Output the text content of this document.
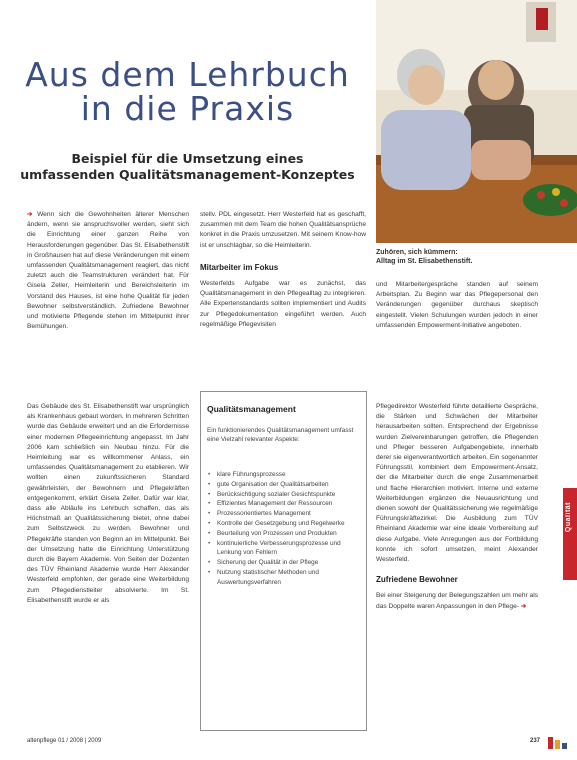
Aus dem Lehrbuch
in die Praxis
Beispiel für die Umsetzung eines
umfassenden Qualitätsmanagement-Konzeptes
Zuhören, sich kümmern:
Alltag im St. Elisabethenstift.

➔ Wenn sich die Gewohnheiten älterer Menschen ändern, wenn sie anspruchsvoller werden, sieht sich die Einrichtung einer ganzen Reihe von Herausforderungen gegenüber. Das St. Elisabethenstift in Großhausen hat auf diese Veränderungen mit einem umfassenden Qualitätsmanagement reagiert, das nicht zuletzt auch die Teamstrukturen verändert hat. Für Gisela Zeller, Heimleiterin und Bereichsleiterin im Vorstand des Hauses, ist eine hohe Qualität für jeden Bewohner selbstverständlich. Zufriedene Bewohner und motivierte Pflegende stehen im Mittelpunkt ihrer Bemühungen.

Das Gebäude des St. Elisabethenstift war ursprünglich als Krankenhaus gebaut worden. In mehreren Schritten wurde das Gebäude erweitert und an die Erfordernisse einer modernen Pflegeeinrichtung angepasst. Im Jahr 2006 kam schließlich ein Neubau hinzu. Für die Heimleitung war es willkommener Anlass, ein umfassendes Qualitätsmanagement zu etablieren. Wir wollten einen zukunftssicheren Standard gewährleisten, der Bewohnern und Pflegekräften entgegenkommt, erklärt Gisela Zeller. Dafür war klar, dass alle Abläufe ins Lehrbuch schaffen, das als Höchstmaß an Qualitätssicherung bietet, ohne dabei zum Selbstzweck zu werden. Bewohner und Pflegekräfte standen von Beginn an im Mittelpunkt. Bei der Umsetzung hatte die Einrichtung Unterstützung durch die Bayern Akademie. Von Seiten der Dozenten des TÜV Rheinland Akademie wurde Herr Alexander Westerfeld empfohlen, der gerade eine Weiterbildung zum Pflegedienstleiter absolvierte. Im St. Elisabethenstift wurde er als

stellv. PDL eingesetzt. Herr Westerfeld hat es geschafft, zusammen mit dem Team die hohen Qualitätsansprüche konkret in die Praxis umzusetzen. Mit seinem Know-how ist er unschlagbar, so die Heimleiterin.

Mitarbeiter im Fokus

Westerfelds Aufgabe war es zunächst, das Qualitätsmanagement in den Pflegealltag zu integrieren. Alle Expertenstandards sollten implementiert und Audits zur Pflegedokumentation eingeführt werden. Auch regelmäßige Pflegevisiten

Qualitätsmanagement
Ein funktionierendes Qualitätsmanagement umfasst eine Vielzahl relevanter Aspekte:
• klare Führungsprozesse
• gute Organisation der Qualitätsarbeiten
• Berücksichtigung sozialer Gesichtspunkte
• Effizientes Management der Ressourcen
• Prozessorientiertes Management
• Kontrolle der Gesetzgebung und Regelwerke
• Beurteilung von Prozessen und Produkten
• kontinuierliche Verbesserungsprozesse und Lenkung von Fehlern
• Sicherung der Qualität in der Pflege
• Nutzung statistischer Methoden und Auswertungsverfahren

und Mitarbeitergespräche standen auf seinem Arbeitsplan. Zu Beginn war das Pflegepersonal den Veränderungen gegenüber durchaus skeptisch eingestellt. Vielen Schulungen wurden jedoch in einer umfassenden Empowerment-Initiative angeboten.

Pflegedirektor Westerfeld führte detaillierte Gespräche, die Stärken und Schwächen der Mitarbeiter herausarbeiten sollten. Entsprechend der Ergebnisse wurden Zielvereinbarungen getroffen, die Pflegenden und Pfleger besseren Aufgabengebiete, innerhalb derer sie eigenverantwortlich arbeiten. Ein sogenannter Führungsstil, kombiniert dem Empowerment-Ansatz, der die Mitarbeiter durch die enge Zusammenarbeit und flache Hierarchien motiviert. Interne und externe Weiterbildungen ergänzen die Neuausrichtung und dienen sowohl der Qualitätssicherung wie regelmäßige Führungskräftezirkel. Die Ausbildung zum TÜV Rheinland Akademie war eine ideale Vorbereitung auf diese Aufgabe. Viele Anregungen aus der Fortbildung konnte ich sofort umsetzen, meint Alexander Westerfeld.

Zufriedene Bewohner

Bei einer Steigerung der Belegungszahlen um mehr als das Doppelte waren Anpassungen in den Pflege- ➔

Qualität
altenpflege 01 / 2008 | 2009	237
